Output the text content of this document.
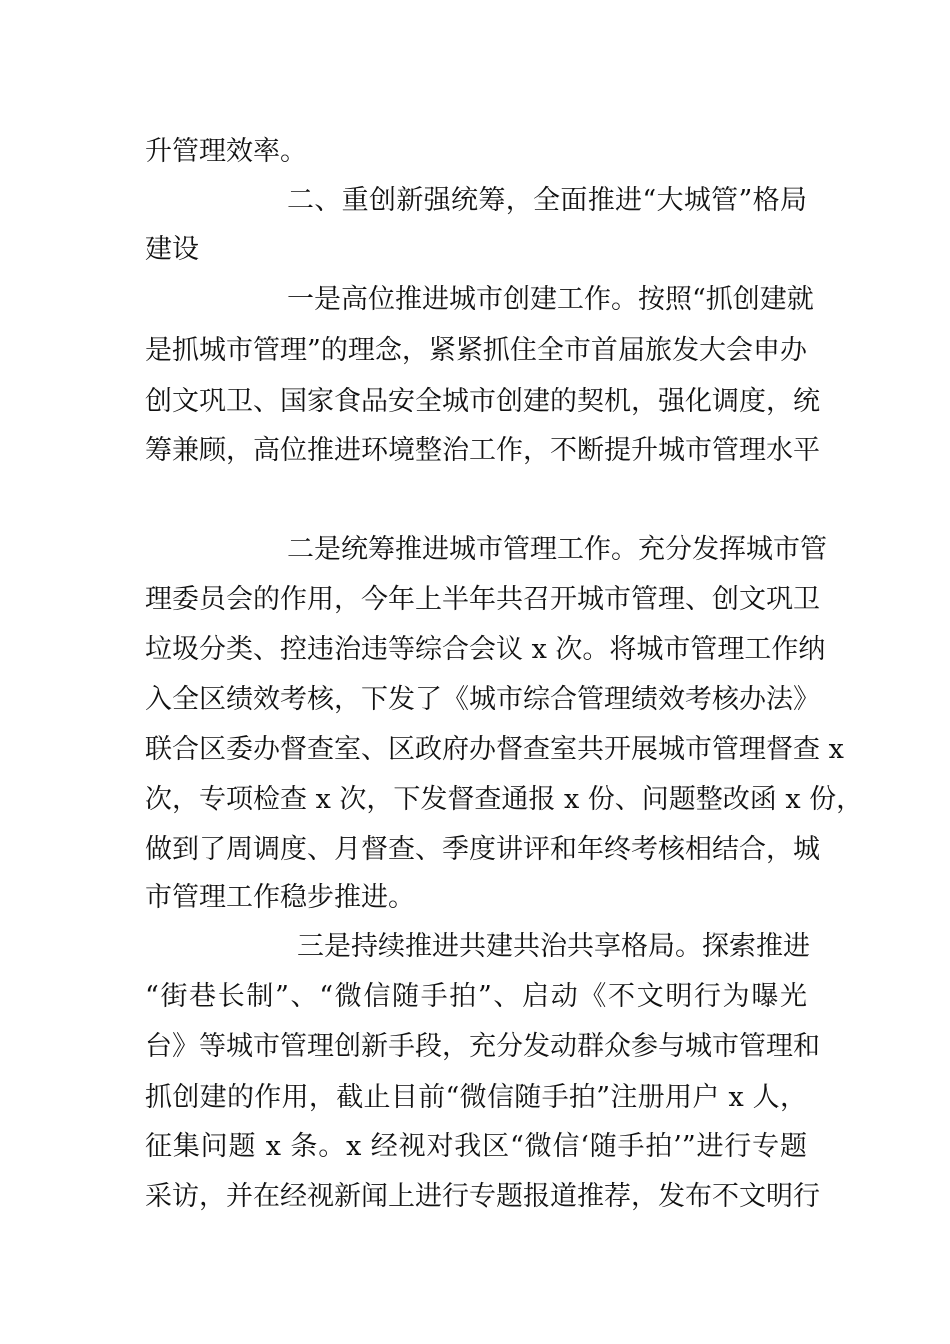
升管理效率。
二、重创新强统筹，全面推进“大城管”格局
建设
一是高位推进城市创建工作。按照“抓创建就
是抓城市管理”的理念，紧紧抓住全市首届旅发大会申办
创文巩卫、国家食品安全城市创建的契机，强化调度，统
筹兼顾，高位推进环境整治工作，不断提升城市管理水平
二是统筹推进城市管理工作。充分发挥城市管
理委员会的作用，今年上半年共召开城市管理、创文巩卫
垃圾分类、控违治违等综合会议 x 次。将城市管理工作纳
入全区绩效考核，下发了《城市综合管理绩效考核办法》
联合区委办督查室、区政府办督查室共开展城市管理督查 x
次，专项检查 x 次，下发督查通报 x 份、问题整改函 x 份，
做到了周调度、月督查、季度讲评和年终考核相结合，城
市管理工作稳步推进。
三是持续推进共建共治共享格局。探索推进
“街巷长制”、“微信随手拍”、启动《不文明行为曝光
台》等城市管理创新手段，充分发动群众参与城市管理和
抓创建的作用，截止目前“微信随手拍”注册用户 x 人，
征集问题 x 条。x 经视对我区“微信‘随手拍’”进行专题
采访，并在经视新闻上进行专题报道推荐，发布不文明行
